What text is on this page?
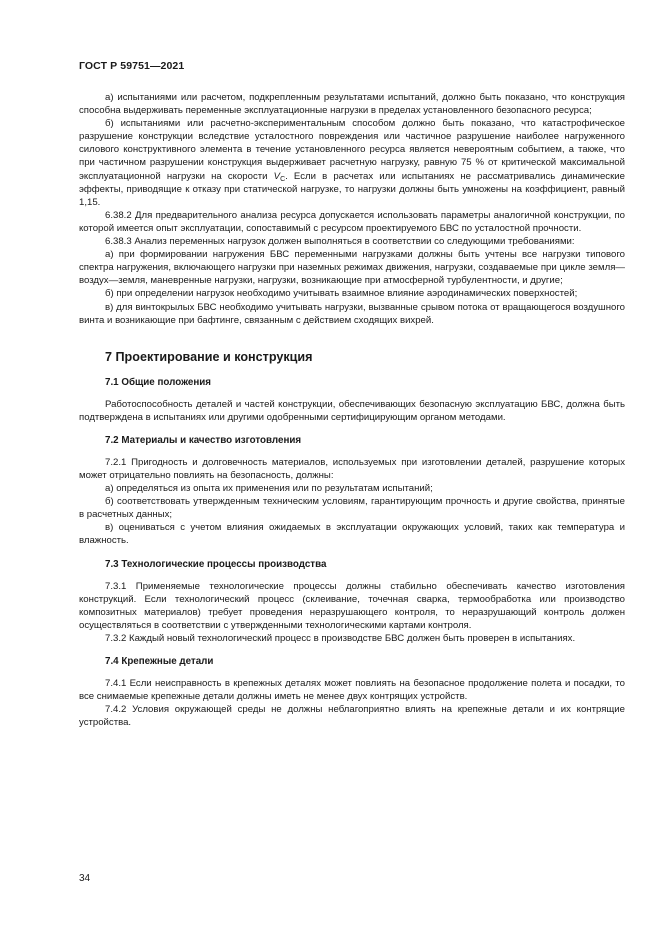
ГОСТ Р 59751—2021

а) испытаниями или расчетом, подкрепленным результатами испытаний, должно быть показано, что конструкция способна выдерживать переменные эксплуатационные нагрузки в пределах установленного безопасного ресурса;

б) испытаниями или расчетно-экспериментальным способом должно быть показано, что катастрофическое разрушение конструкции вследствие усталостного повреждения или частичное разрушение наиболее нагруженного силового конструктивного элемента в течение установленного ресурса является невероятным событием, а также, что при частичном разрушении конструкция выдерживает расчетную нагрузку, равную 75 % от критической максимальной эксплуатационной нагрузки на скорости $V_C$. Если в расчетах или испытаниях не рассматривались динамические эффекты, приводящие к отказу при статической нагрузке, то нагрузки должны быть умножены на коэффициент, равный 1,15.

6.38.2 Для предварительного анализа ресурса допускается использовать параметры аналогичной конструкции, по которой имеется опыт эксплуатации, сопоставимый с ресурсом проектируемого БВС по усталостной прочности.

6.38.3 Анализ переменных нагрузок должен выполняться в соответствии со следующими требованиями:

а) при формировании нагружения БВС переменными нагрузками должны быть учтены все нагрузки типового спектра нагружения, включающего нагрузки при наземных режимах движения, нагрузки, создаваемые при цикле земля—воздух—земля, маневренные нагрузки, нагрузки, возникающие при атмосферной турбулентности, и другие;

б) при определении нагрузок необходимо учитывать взаимное влияние аэродинамических поверхностей;

в) для винтокрылых БВС необходимо учитывать нагрузки, вызванные срывом потока от вращающегося воздушного винта и возникающие при бафтинге, связанным с действием сходящих вихрей.

7 Проектирование и конструкция
7.1 Общие положения

Работоспособность деталей и частей конструкции, обеспечивающих безопасную эксплуатацию БВС, должна быть подтверждена в испытаниях или другими одобренными сертифицирующим органом методами.

7.2 Материалы и качество изготовления

7.2.1 Пригодность и долговечность материалов, используемых при изготовлении деталей, разрушение которых может отрицательно повлиять на безопасность, должны:

а) определяться из опыта их применения или по результатам испытаний;

б) соответствовать утвержденным техническим условиям, гарантирующим прочность и другие свойства, принятые в расчетных данных;

в) оцениваться с учетом влияния ожидаемых в эксплуатации окружающих условий, таких как температура и влажность.

7.3 Технологические процессы производства

7.3.1 Применяемые технологические процессы должны стабильно обеспечивать качество изготовления конструкций. Если технологический процесс (склеивание, точечная сварка, термообработка или производство композитных материалов) требует проведения неразрушающего контроля, то неразрушающий контроль должен осуществляться в соответствии с утвержденными технологическими картами контроля.

7.3.2 Каждый новый технологический процесс в производстве БВС должен быть проверен в испытаниях.

7.4 Крепежные детали

7.4.1 Если неисправность в крепежных деталях может повлиять на безопасное продолжение полета и посадки, то все снимаемые крепежные детали должны иметь не менее двух контрящих устройств.

7.4.2 Условия окружающей среды не должны неблагоприятно влиять на крепежные детали и их контрящие устройства.

34
